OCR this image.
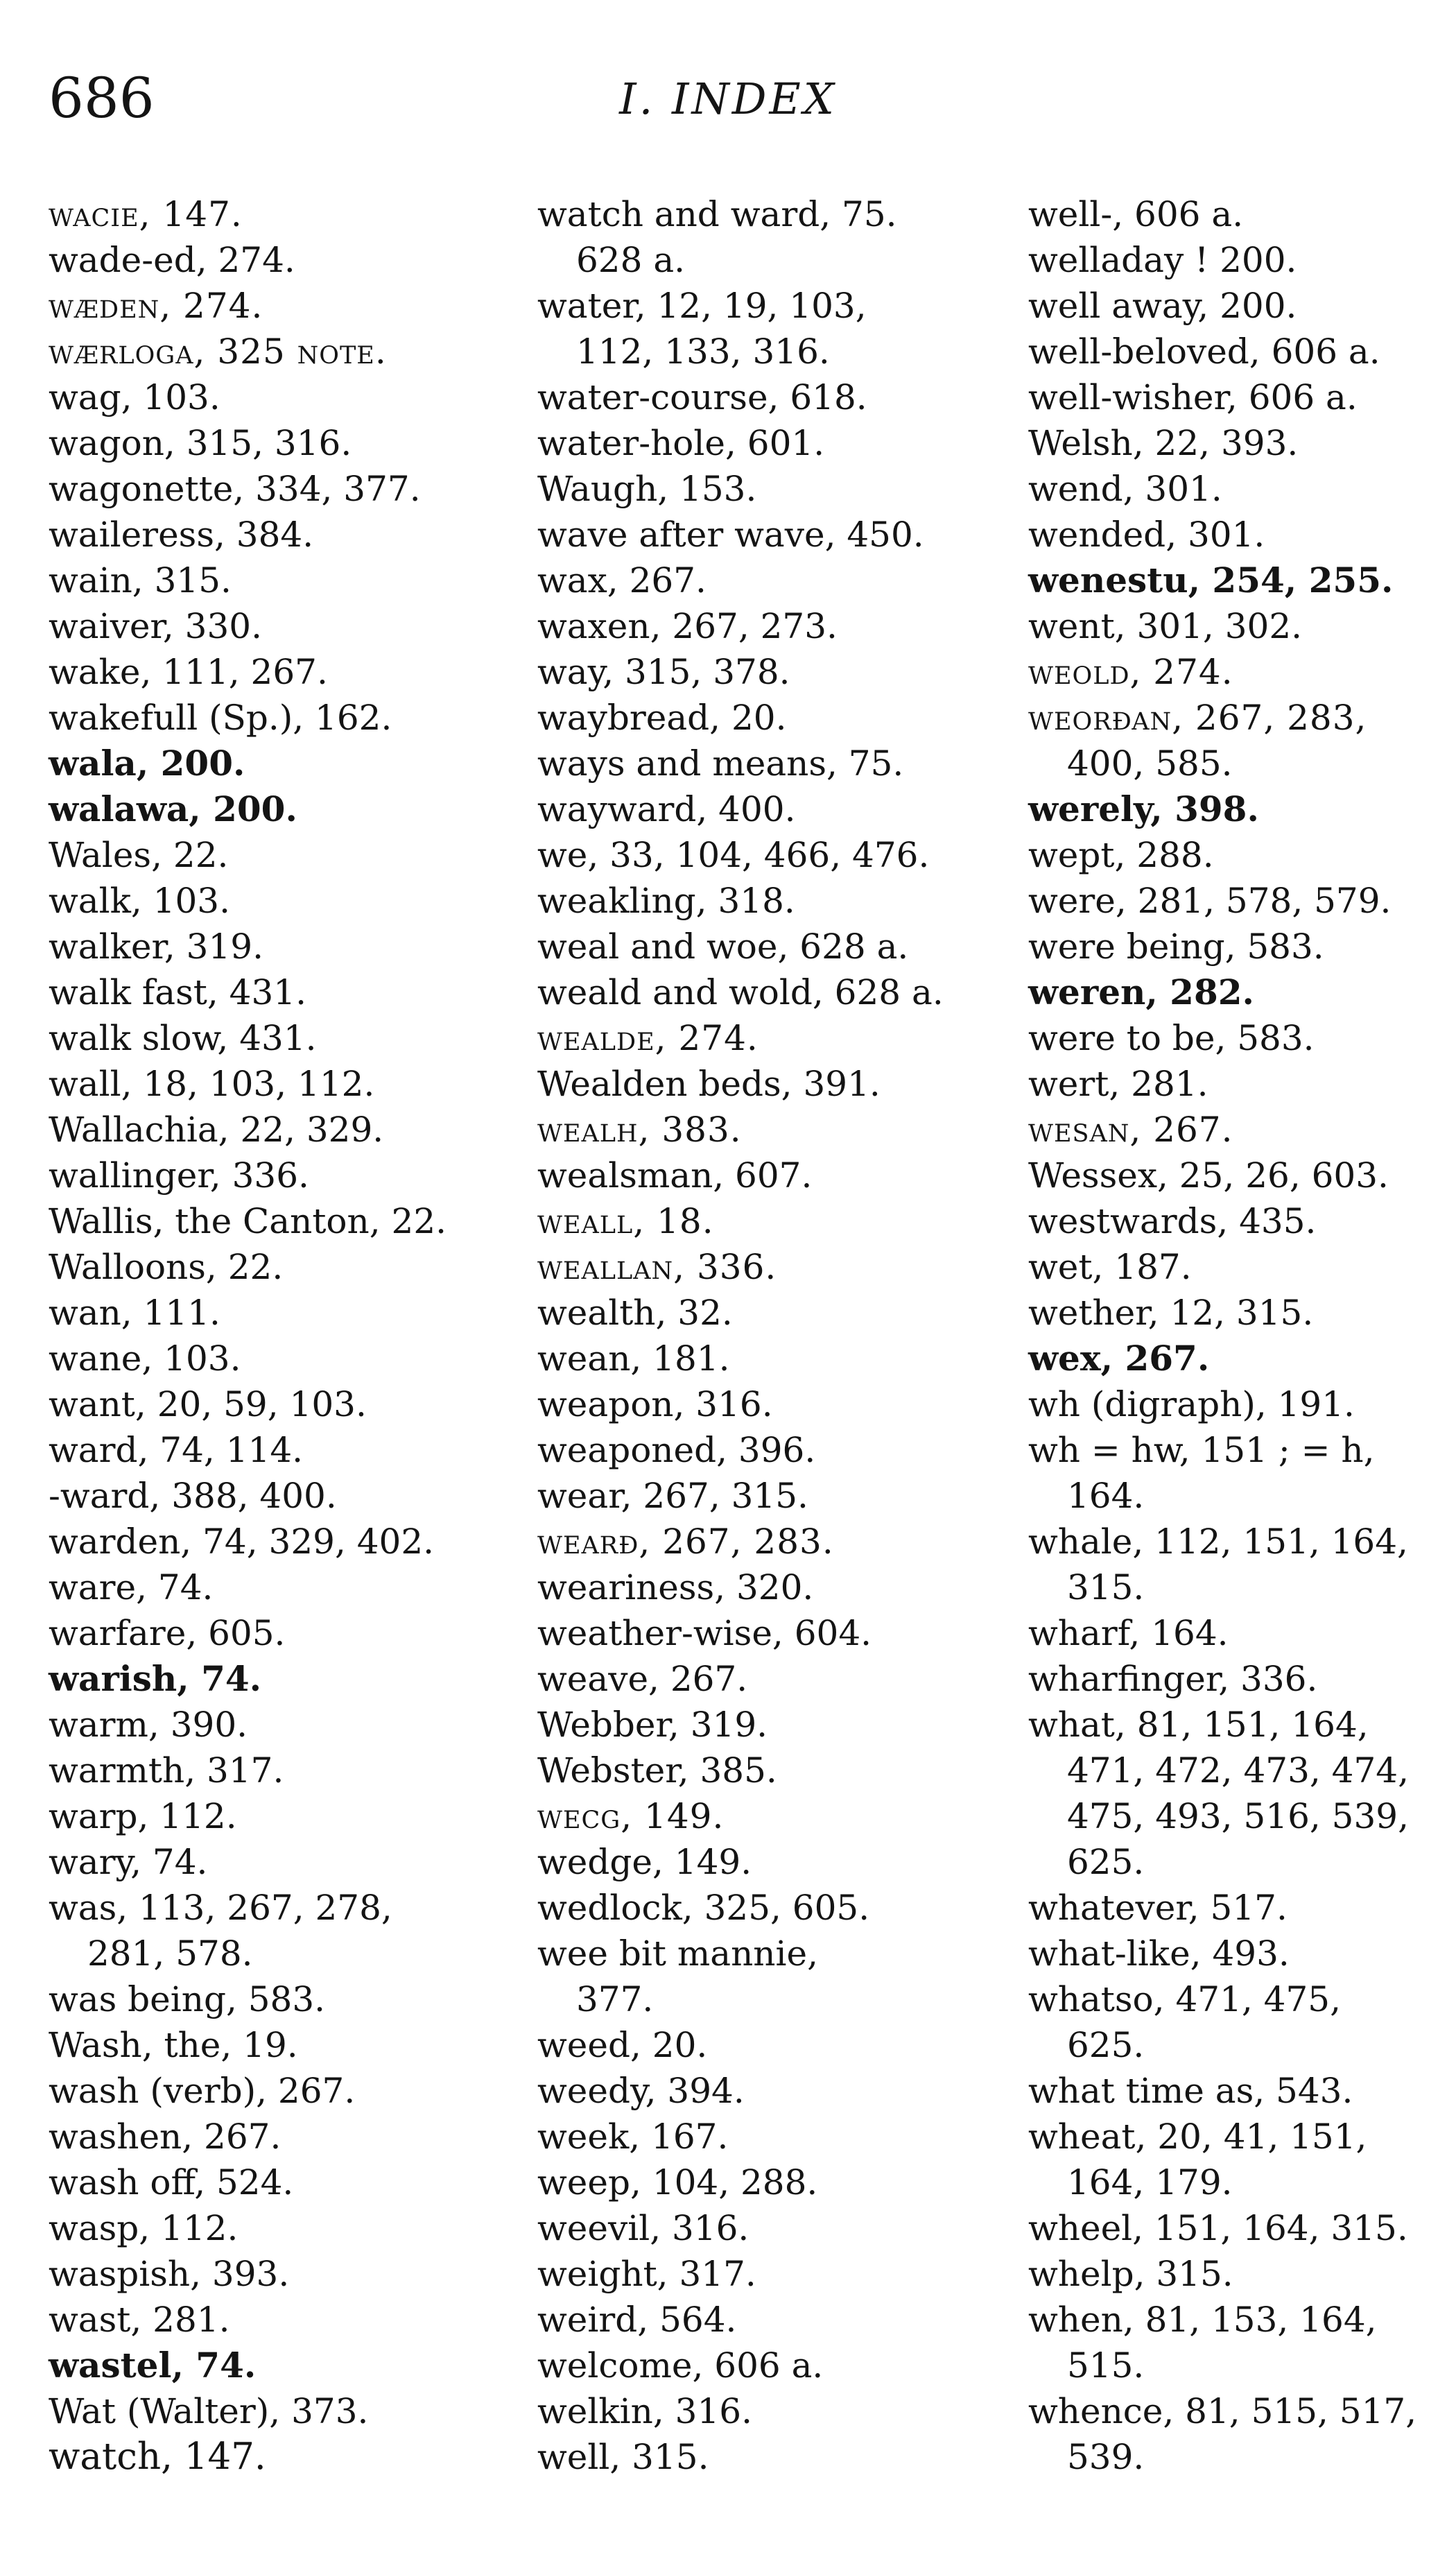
686	I. INDEX
wacie, 147.
wade-ed, 274.
wæden, 274.
wærloga, 325 note.
wag, 103.
wagon, 315, 316.
wagonette, 334, 377.
waileress, 384.
wain, 315.
waiver, 330.
wake, 111, 267.
wakefull (Sp.), 162.
wala, 200.
walawa, 200.
Wales, 22.
walk, 103.
walker, 319.
walk fast, 431.
walk slow, 431.
wall, 18, 103, 112.
Wallachia, 22, 329.
wallinger, 336.
Wallis, the Canton, 22.
Walloons, 22.
wan, 111.
wane, 103.
want, 20, 59, 103.
ward, 74, 114.
-ward, 388, 400.
warden, 74, 329, 402.
ware, 74.
warfare, 605.
warish, 74.
warm, 390.
warmth, 317.
warp, 112.
wary, 74.
was, 113, 267, 278,
281, 578.
was being, 583.
Wash, the, 19.
wash (verb), 267.
washen, 267.
wash off, 524.
wasp, 112.
waspish, 393.
wast, 281.
wastel, 74.
Wat (Walter), 373.
watch, 147.
watch and ward, 75.
628 a.
water, 12, 19, 103,
112, 133, 316.
water-course, 618.
water-hole, 601.
Waugh, 153.
wave after wave, 450.
wax, 267.
waxen, 267, 273.
way, 315, 378.
waybread, 20.
ways and means, 75.
wayward, 400.
we, 33, 104, 466, 476.
weakling, 318.
weal and woe, 628 a.
weald and wold, 628 a.
wealde, 274.
Wealden beds, 391.
wealh, 383.
wealsman, 607.
weall, 18.
weallan, 336.
wealth, 32.
wean, 181.
weapon, 316.
weaponed, 396.
wear, 267, 315.
wearð, 267, 283.
weariness, 320.
weather-wise, 604.
weave, 267.
Webber, 319.
Webster, 385.
wecg, 149.
wedge, 149.
wedlock, 325, 605.
wee bit mannie,
377.
weed, 20.
weedy, 394.
week, 167.
weep, 104, 288.
weevil, 316.
weight, 317.
weird, 564.
welcome, 606 a.
welkin, 316.
well, 315.
well-, 606 a.
welladay ! 200.
well away, 200.
well-beloved, 606 a.
well-wisher, 606 a.
Welsh, 22, 393.
wend, 301.
wended, 301.
wenestu, 254, 255.
went, 301, 302.
weold, 274.
weorðan, 267, 283,
400, 585.
werely, 398.
wept, 288.
were, 281, 578, 579.
were being, 583.
weren, 282.
were to be, 583.
wert, 281.
wesan, 267.
Wessex, 25, 26, 603.
westwards, 435.
wet, 187.
wether, 12, 315.
wex, 267.
wh (digraph), 191.
wh = hw, 151 ; = h,
164.
whale, 112, 151, 164,
315.
wharf, 164.
wharfinger, 336.
what, 81, 151, 164,
471, 472, 473, 474,
475, 493, 516, 539,
625.
whatever, 517.
what-like, 493.
whatso, 471, 475,
625.
what time as, 543.
wheat, 20, 41, 151,
164, 179.
wheel, 151, 164, 315.
whelp, 315.
when, 81, 153, 164,
515.
whence, 81, 515, 517,
539.
